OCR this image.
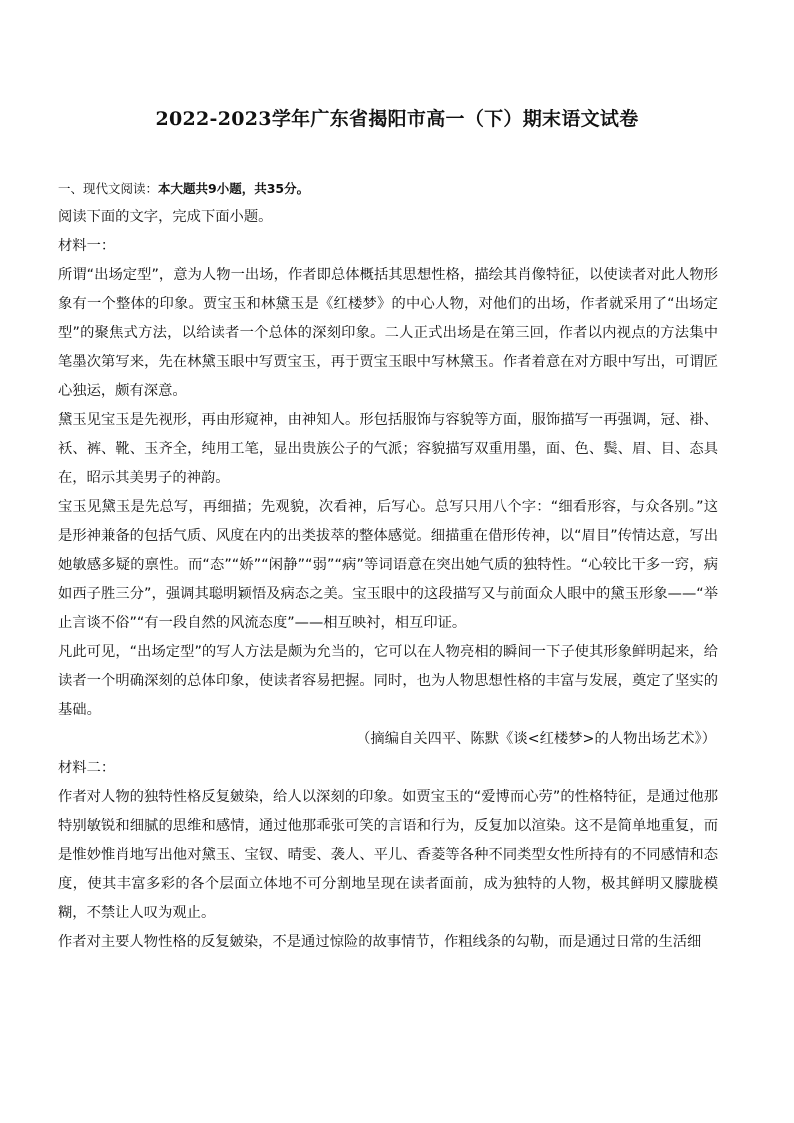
2022-2023学年广东省揭阳市高一（下）期末语文试卷

一、现代文阅读：本大题共9小题，共35分。

阅读下面的文字，完成下面小题。

材料一：

所谓“出场定型”，意为人物一出场，作者即总体概括其思想性格，描绘其肖像特征，以使读者对此人物形象有一个整体的印象。贾宝玉和林黛玉是《红楼梦》的中心人物，对他们的出场，作者就采用了“出场定型”的聚焦式方法，以给读者一个总体的深刻印象。二人正式出场是在第三回，作者以内视点的方法集中笔墨次第写来，先在林黛玉眼中写贾宝玉，再于贾宝玉眼中写林黛玉。作者着意在对方眼中写出，可谓匠心独运，颇有深意。

黛玉见宝玉是先视形，再由形窥神，由神知人。形包括服饰与容貌等方面，服饰描写一再强调，冠、褂、袄、裤、靴、玉齐全，纯用工笔，显出贵族公子的气派；容貌描写双重用墨，面、色、鬓、眉、目、态具在，昭示其美男子的神韵。

宝玉见黛玉是先总写，再细描；先观貌，次看神，后写心。总写只用八个字：“细看形容，与众各别。”这是形神兼备的包括气质、风度在内的出类拔萃的整体感觉。细描重在借形传神，以“眉目”传情达意，写出她敏感多疑的禀性。而“态”“娇”“闲静”“弱”“病”等词语意在突出她气质的独特性。“心较比干多一窍，病如西子胜三分”，强调其聪明颖悟及病态之美。宝玉眼中的这段描写又与前面众人眼中的黛玉形象——“举止言谈不俗”“有一段自然的风流态度”——相互映衬，相互印证。

凡此可见，“出场定型”的写人方法是颇为允当的，它可以在人物亮相的瞬间一下子使其形象鲜明起来，给读者一个明确深刻的总体印象，使读者容易把握。同时，也为人物思想性格的丰富与发展，奠定了坚实的基础。

（摘编自关四平、陈默《谈<红楼梦>的人物出场艺术》）

材料二：

作者对人物的独特性格反复皴染，给人以深刻的印象。如贾宝玉的“爱博而心劳”的性格特征，是通过他那特别敏锐和细腻的思维和感情，通过他那乖张可笑的言语和行为，反复加以渲染。这不是简单地重复，而是惟妙惟肖地写出他对黛玉、宝钗、晴雯、袭人、平儿、香菱等各种不同类型女性所持有的不同感情和态度，使其丰富多彩的各个层面立体地不可分割地呈现在读者面前，成为独特的人物，极其鲜明又朦胧模糊，不禁让人叹为观止。

作者对主要人物性格的反复皴染，不是通过惊险的故事情节，作粗线条的勾勒，而是通过日常的生活细
